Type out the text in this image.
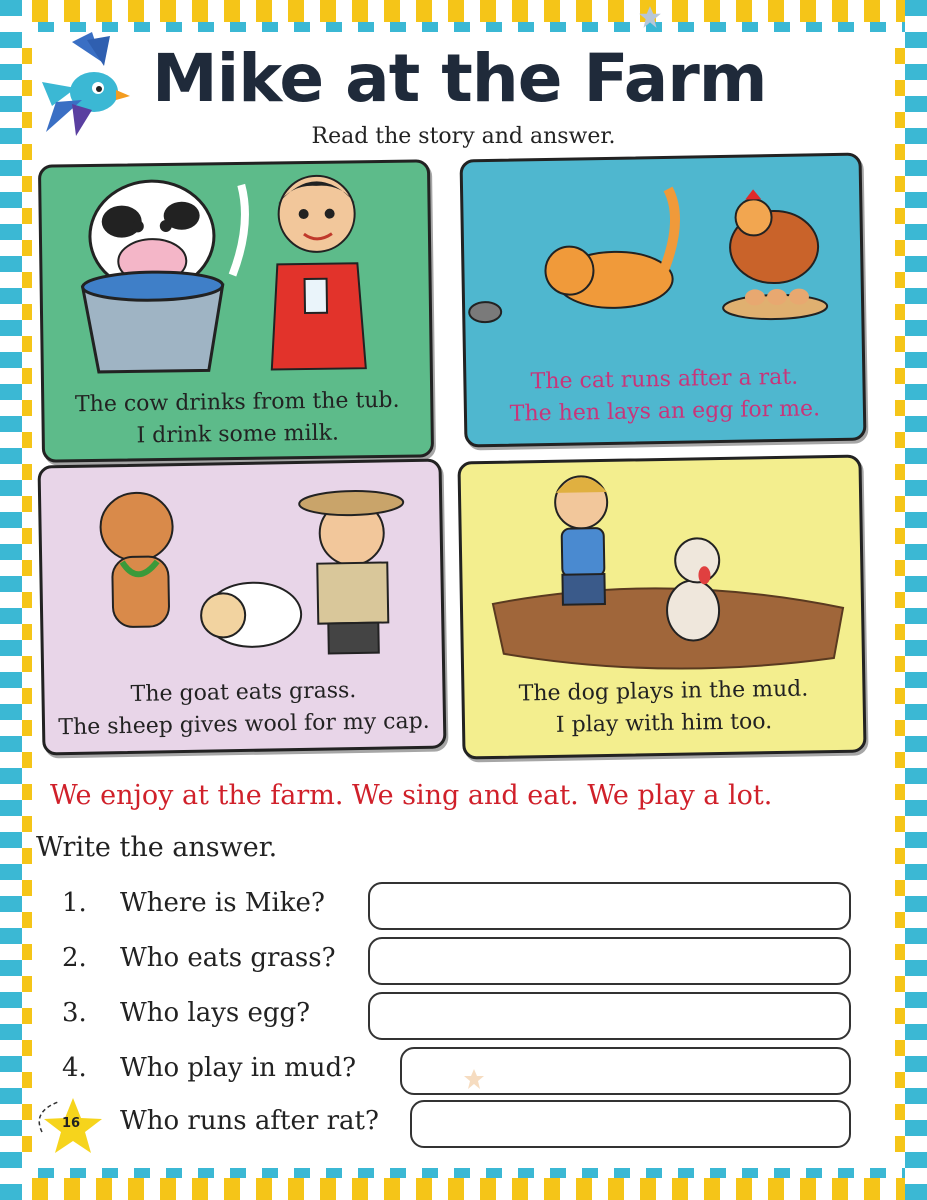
Mike at the Farm
Read the story and answer.
The cow drinks from the tub.
I drink some milk.
The cat runs after a rat.
The hen lays an egg for me.
The goat eats grass.
The sheep gives wool for my cap.
The dog plays in the mud.
I play with him too.
We enjoy at the farm. We sing and eat. We play a lot.
Write the answer.
1. Where is Mike?
2. Who eats grass?
3. Who lays egg?
4. Who play in mud?
Who runs after rat?
16
